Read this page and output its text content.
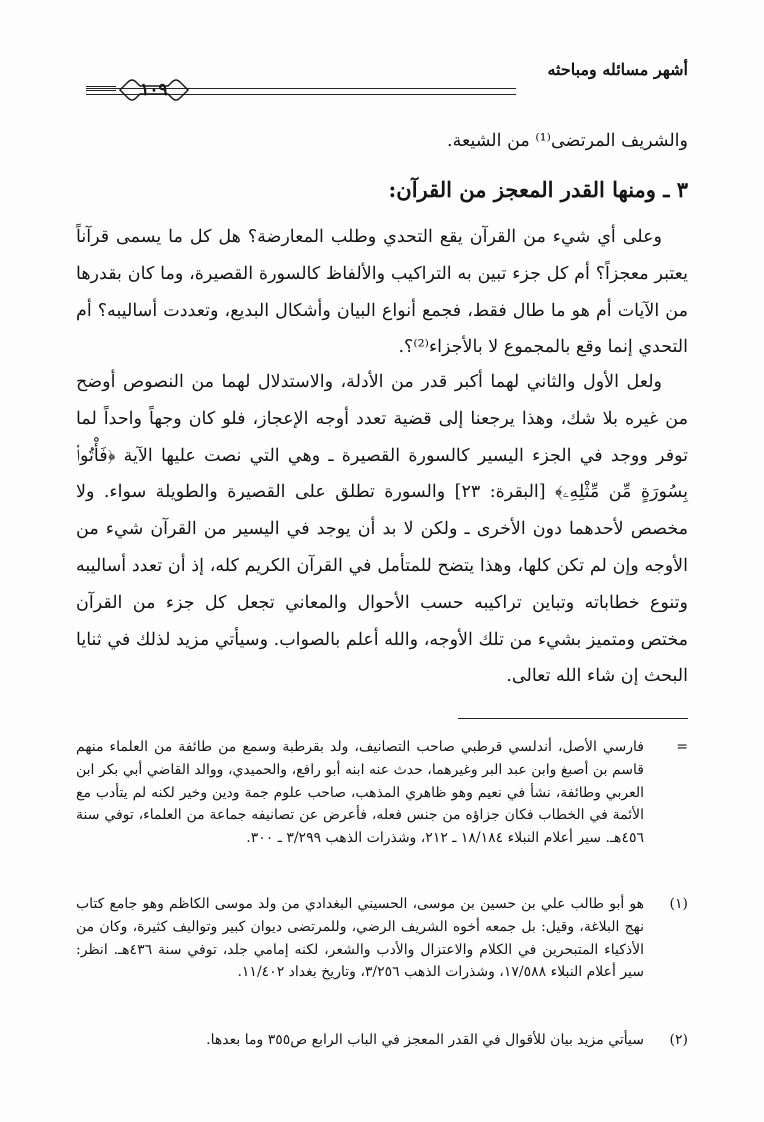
أشهر مسائله ومباحثه
١٠٩
والشريف المرتضى⁽¹⁾ من الشيعة.
٣ ـ ومنها القدر المعجز من القرآن:
وعلى أي شيء من القرآن يقع التحدي وطلب المعارضة؟ هل كل ما يسمى قرآناً يعتبر معجزاً؟ أم كل جزء تبين به التراكيب والألفاظ كالسورة القصيرة، وما كان بقدرها من الآيات أم هو ما طال فقط، فجمع أنواع البيان وأشكال البديع، وتعددت أساليبه؟ أم التحدي إنما وقع بالمجموع لا بالأجزاء⁽²⁾؟.
ولعل الأول والثاني لهما أكبر قدر من الأدلة، والاستدلال لهما من النصوص أوضح من غيره بلا شك، وهذا يرجعنا إلى قضية تعدد أوجه الإعجاز، فلو كان وجهاً واحداً لما توفر ووجد في الجزء اليسير كالسورة القصيرة ـ وهي التي نصت عليها الآية ﴿فَأْتُوا۟ بِسُورَةٍ مِّن مِّثْلِهِۦ﴾ [البقرة: ٢٣] والسورة تطلق على القصيرة والطويلة سواء. ولا مخصص لأحدهما دون الأخرى ـ ولكن لا بد أن يوجد في اليسير من القرآن شيء من الأوجه وإن لم تكن كلها، وهذا يتضح للمتأمل في القرآن الكريم كله، إذ أن تعدد أساليبه وتنوع خطاباته وتباين تراكيبه حسب الأحوال والمعاني تجعل كل جزء من القرآن مختص ومتميز بشيء من تلك الأوجه، والله أعلم بالصواب. وسيأتي مزيد لذلك في ثنايا البحث إن شاء الله تعالى.
=
فارسي الأصل، أندلسي قرطبي صاحب التصانيف، ولد بقرطبة وسمع من طائفة من العلماء منهم قاسم بن أصبغ وابن عبد البر وغيرهما، حدث عنه ابنه أبو رافع، والحميدي، ووالد القاضي أبي بكر ابن العربي وطائفة، نشأ في نعيم وهو ظاهري المذهب، صاحب علوم جمة ودين وخير لكنه لم يتأدب مع الأئمة في الخطاب فكان جزاؤه من جنس فعله، فأعرض عن تصانيفه جماعة من العلماء، توفي سنة ٤٥٦هـ. سير أعلام النبلاء ١٨/١٨٤ ـ ٢١٢، وشذرات الذهب ٣/٢٩٩ ـ ٣٠٠.
(١)
هو أبو طالب علي بن حسين بن موسى، الحسيني البغدادي من ولد موسى الكاظم وهو جامع كتاب نهج البلاغة، وقيل: بل جمعه أخوه الشريف الرضي، وللمرتضى ديوان كبير وتواليف كثيرة، وكان من الأذكياء المتبحرين في الكلام والاعتزال والأدب والشعر، لكنه إمامي جلد، توفي سنة ٤٣٦هـ. انظر: سير أعلام النبلاء ١٧/٥٨٨، وشذرات الذهب ٣/٢٥٦، وتاريخ بغداد ١١/٤٠٢.
(٢)
سيأتي مزيد بيان للأقوال في القدر المعجز في الباب الرابع ص٣٥٥ وما بعدها.
